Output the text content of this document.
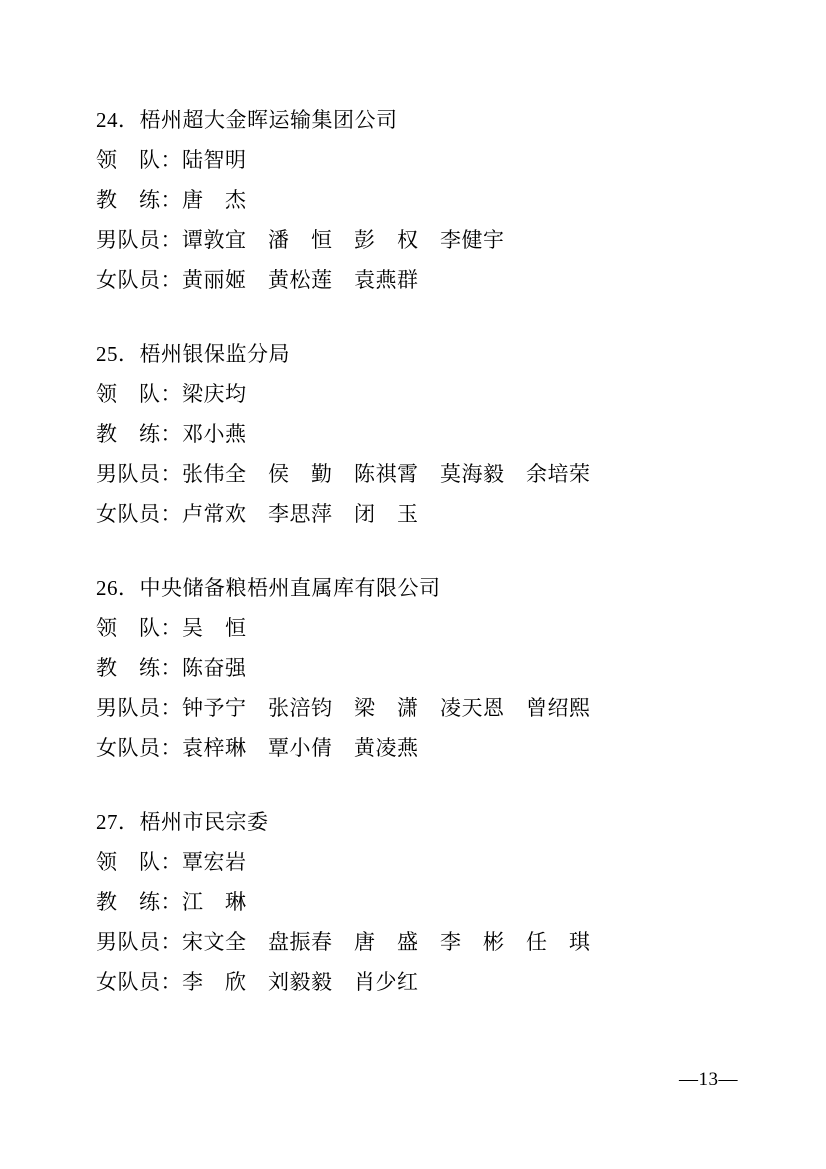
24．梧州超大金晖运输集团公司
领　队：陆智明
教　练：唐　杰
男队员：谭敦宜　潘　恒　彭　权　李健宇
女队员：黄丽姬　黄松莲　袁燕群
25．梧州银保监分局
领　队：梁庆均
教　练：邓小燕
男队员：张伟全　侯　勤　陈祺霄　莫海毅　余培荣
女队员：卢常欢　李思萍　闭　玉
26．中央储备粮梧州直属库有限公司
领　队：吴　恒
教　练：陈奋强
男队员：钟予宁　张涪钧　梁　潇　凌天恩　曾绍熙
女队员：袁梓琳　覃小倩　黄凌燕
27．梧州市民宗委
领　队：覃宏岩
教　练：江　琳
男队员：宋文全　盘振春　唐　盛　李　彬　任　琪
女队员：李　欣　刘毅毅　肖少红
—13—
